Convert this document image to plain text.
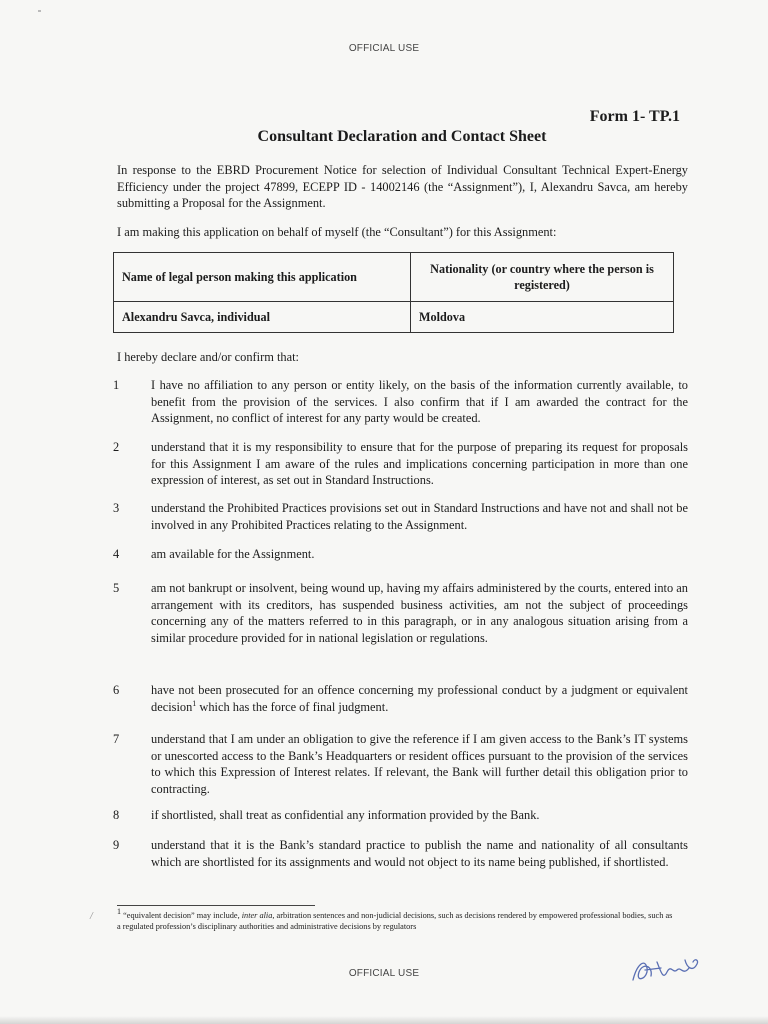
OFFICIAL USE
Form 1- TP.1
Consultant Declaration and Contact Sheet
In response to the EBRD Procurement Notice for selection of Individual Consultant Technical Expert-Energy Efficiency under the project 47899, ECEPP ID - 14002146 (the “Assignment”), I, Alexandru Savca, am hereby submitting a Proposal for the Assignment.
I am making this application on behalf of myself (the “Consultant”) for this Assignment:
Name of legal person making this application	Nationality (or country where the person is registered)
Alexandru Savca, individual	Moldova
I hereby declare and/or confirm that:
1	I have no affiliation to any person or entity likely, on the basis of the information currently available, to benefit from the provision of the services. I also confirm that if I am awarded the contract for the Assignment, no conflict of interest for any party would be created.
2	understand that it is my responsibility to ensure that for the purpose of preparing its request for proposals for this Assignment I am aware of the rules and implications concerning participation in more than one expression of interest, as set out in Standard Instructions.
3	understand the Prohibited Practices provisions set out in Standard Instructions and have not and shall not be involved in any Prohibited Practices relating to the Assignment.
4	am available for the Assignment.
5	am not bankrupt or insolvent, being wound up, having my affairs administered by the courts, entered into an arrangement with its creditors, has suspended business activities, am not the subject of proceedings concerning any of the matters referred to in this paragraph, or in any analogous situation arising from a similar procedure provided for in national legislation or regulations.
6	have not been prosecuted for an offence concerning my professional conduct by a judgment or equivalent decision$^1$ which has the force of final judgment.
7	understand that I am under an obligation to give the reference if I am given access to the Bank’s IT systems or unescorted access to the Bank’s Headquarters or resident offices pursuant to the provision of the services to which this Expression of Interest relates. If relevant, the Bank will further detail this obligation prior to contracting.
8	if shortlisted, shall treat as confidential any information provided by the Bank.
9	understand that it is the Bank’s standard practice to publish the name and nationality of all consultants which are shortlisted for its assignments and would not object to its name being published, if shortlisted.
/	$^1$ “equivalent decision” may include, inter alia, arbitration sentences and non-judicial decisions, such as decisions rendered by empowered professional bodies, such as a regulated profession’s disciplinary authorities and administrative decisions by regulators
OFFICIAL USE
